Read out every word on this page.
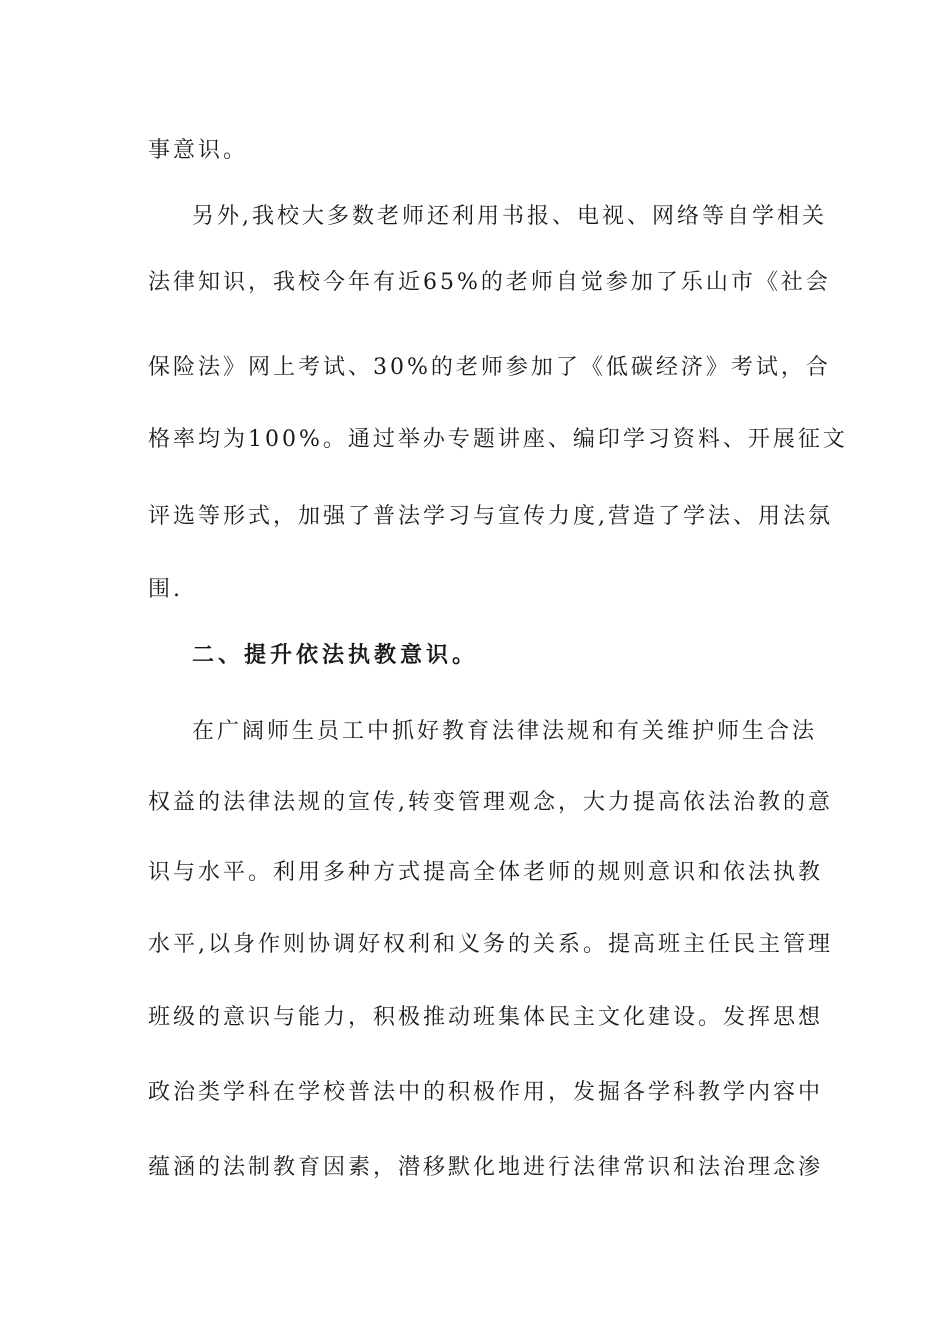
事意识。
另外,我校大多数老师还利用书报、电视、网络等自学相关
法律知识，我校今年有近65%的老师自觉参加了乐山市《社会
保险法》网上考试、30%的老师参加了《低碳经济》考试，合
格率均为100%。通过举办专题讲座、编印学习资料、开展征文
评选等形式，加强了普法学习与宣传力度,营造了学法、用法氛
围.
二、提升依法执教意识。
在广阔师生员工中抓好教育法律法规和有关维护师生合法
权益的法律法规的宣传,转变管理观念，大力提高依法治教的意
识与水平。利用多种方式提高全体老师的规则意识和依法执教
水平,以身作则协调好权利和义务的关系。提高班主任民主管理
班级的意识与能力，积极推动班集体民主文化建设。发挥思想
政治类学科在学校普法中的积极作用，发掘各学科教学内容中
蕴涵的法制教育因素，潜移默化地进行法律常识和法治理念渗
